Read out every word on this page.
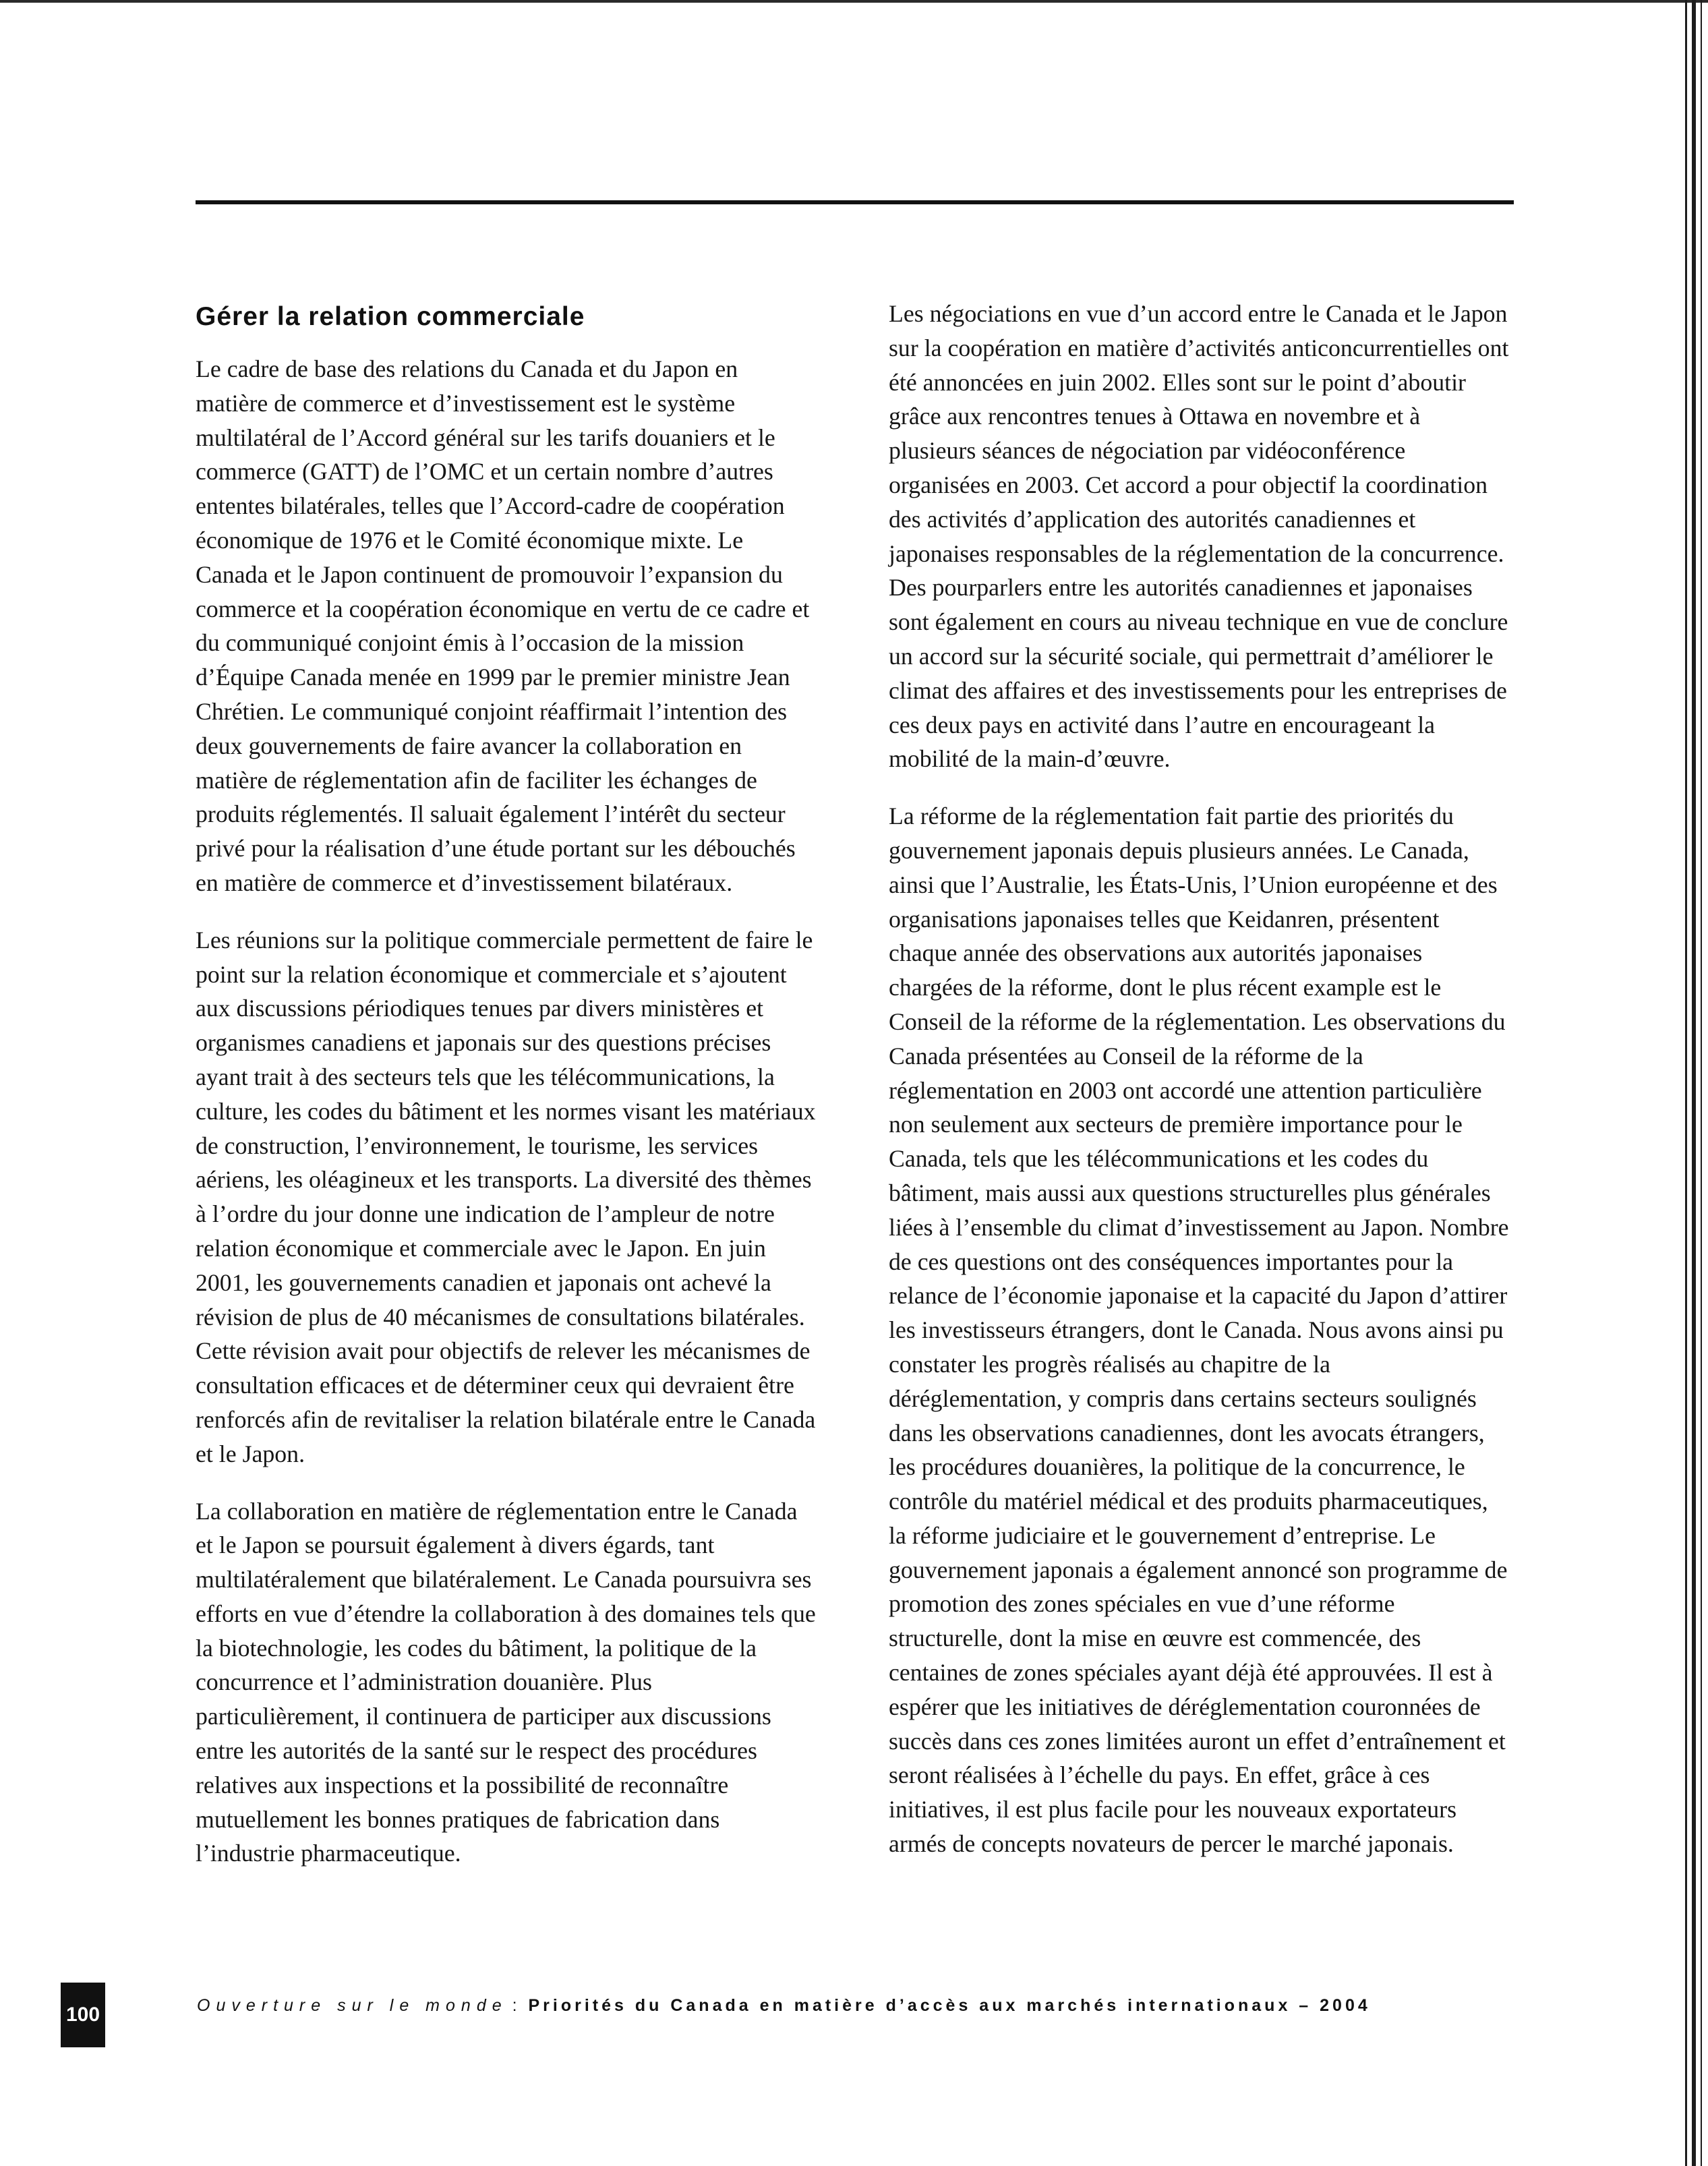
Gérer la relation commerciale

Le cadre de base des relations du Canada et du Japon en matière de commerce et d’investissement est le système multilatéral de l’Accord général sur les tarifs douaniers et le commerce (GATT) de l’OMC et un certain nombre d’autres ententes bilatérales, telles que l’Accord-cadre de coopération économique de 1976 et le Comité économique mixte. Le Canada et le Japon continuent de promouvoir l’expansion du commerce et la coopération économique en vertu de ce cadre et du communiqué conjoint émis à l’occasion de la mission d’Équipe Canada menée en 1999 par le premier ministre Jean Chrétien. Le communiqué conjoint réaffirmait l’intention des deux gouvernements de faire avancer la collaboration en matière de réglementation afin de faciliter les échanges de produits réglementés. Il saluait également l’intérêt du secteur privé pour la réalisation d’une étude portant sur les débouchés en matière de commerce et d’investissement bilatéraux.

Les réunions sur la politique commerciale permettent de faire le point sur la relation économique et commerciale et s’ajoutent aux discussions périodiques tenues par divers ministères et organismes canadiens et japonais sur des questions précises ayant trait à des secteurs tels que les télécommunications, la culture, les codes du bâtiment et les normes visant les matériaux de construction, l’environnement, le tourisme, les services aériens, les oléagineux et les transports. La diversité des thèmes à l’ordre du jour donne une indication de l’ampleur de notre relation économique et commerciale avec le Japon. En juin 2001, les gouvernements canadien et japonais ont achevé la révision de plus de 40 mécanismes de consultations bilatérales. Cette révision avait pour objectifs de relever les mécanismes de consultation efficaces et de déterminer ceux qui devraient être renforcés afin de revitaliser la relation bilatérale entre le Canada et le Japon.

La collaboration en matière de réglementation entre le Canada et le Japon se poursuit également à divers égards, tant multilatéralement que bilatéralement. Le Canada poursuivra ses efforts en vue d’étendre la collaboration à des domaines tels que la biotechnologie, les codes du bâtiment, la politique de la concurrence et l’administration douanière. Plus particulièrement, il continuera de participer aux discussions entre les autorités de la santé sur le respect des procédures relatives aux inspections et la possibilité de reconnaître mutuellement les bonnes pratiques de fabrication dans l’industrie pharmaceutique.

Les négociations en vue d’un accord entre le Canada et le Japon sur la coopération en matière d’activités anticoncurrentielles ont été annoncées en juin 2002. Elles sont sur le point d’aboutir grâce aux rencontres tenues à Ottawa en novembre et à plusieurs séances de négociation par vidéoconférence organisées en 2003. Cet accord a pour objectif la coordination des activités d’application des autorités canadiennes et japonaises responsables de la réglementation de la concurrence. Des pourparlers entre les autorités canadiennes et japonaises sont également en cours au niveau technique en vue de conclure un accord sur la sécurité sociale, qui permettrait d’améliorer le climat des affaires et des investissements pour les entreprises de ces deux pays en activité dans l’autre en encourageant la mobilité de la main-d’œuvre.

La réforme de la réglementation fait partie des priorités du gouvernement japonais depuis plusieurs années. Le Canada, ainsi que l’Australie, les États-Unis, l’Union européenne et des organisations japonaises telles que Keidanren, présentent chaque année des observations aux autorités japonaises chargées de la réforme, dont le plus récent example est le Conseil de la réforme de la réglementation. Les observations du Canada présentées au Conseil de la réforme de la réglementation en 2003 ont accordé une attention particulière non seulement aux secteurs de première importance pour le Canada, tels que les télécommunications et les codes du bâtiment, mais aussi aux questions structurelles plus générales liées à l’ensemble du climat d’investissement au Japon. Nombre de ces questions ont des conséquences importantes pour la relance de l’économie japonaise et la capacité du Japon d’attirer les investisseurs étrangers, dont le Canada. Nous avons ainsi pu constater les progrès réalisés au chapitre de la déréglementation, y compris dans certains secteurs soulignés dans les observations canadiennes, dont les avocats étrangers, les procédures douanières, la politique de la concurrence, le contrôle du matériel médical et des produits pharmaceutiques, la réforme judiciaire et le gouvernement d’entreprise. Le gouvernement japonais a également annoncé son programme de promotion des zones spéciales en vue d’une réforme structurelle, dont la mise en œuvre est commencée, des centaines de zones spéciales ayant déjà été approuvées. Il est à espérer que les initiatives de déréglementation couronnées de succès dans ces zones limitées auront un effet d’entraînement et seront réalisées à l’échelle du pays. En effet, grâce à ces initiatives, il est plus facile pour les nouveaux exportateurs armés de concepts novateurs de percer le marché japonais.

100	Ouverture sur le monde : Priorités du Canada en matière d’accès aux marchés internationaux – 2004
